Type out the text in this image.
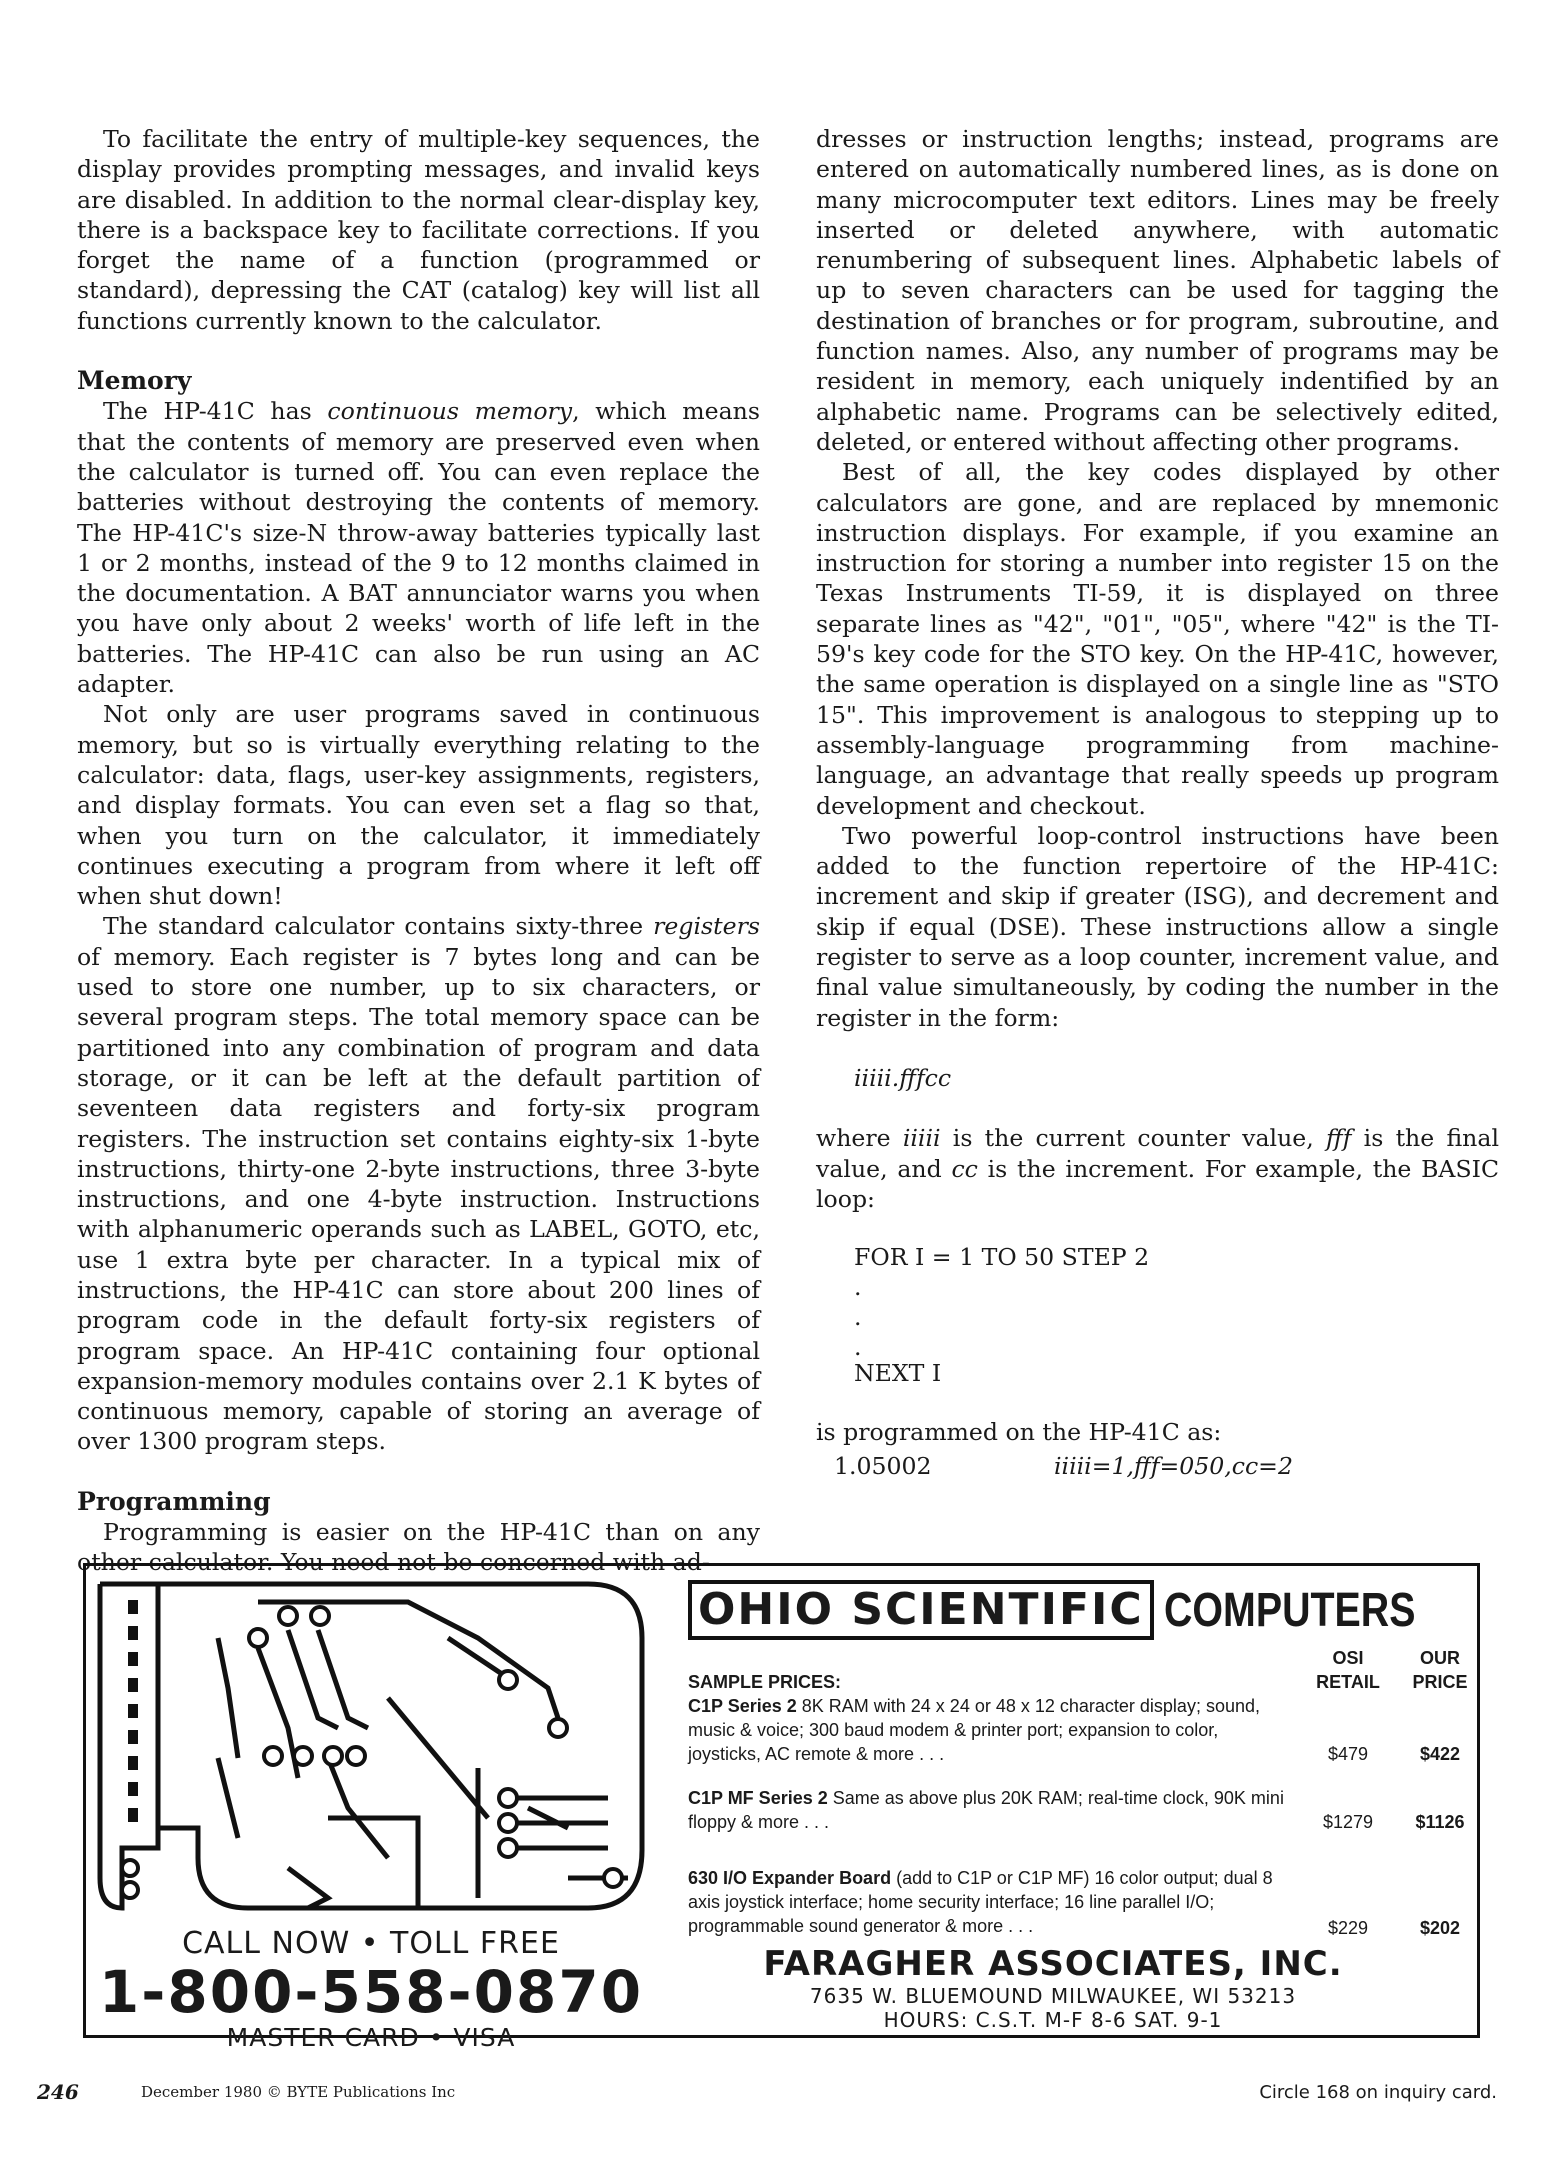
To facilitate the entry of multiple-key sequences, the display provides prompting messages, and invalid keys are disabled. In addition to the normal clear-display key, there is a backspace key to facilitate corrections. If you forget the name of a function (programmed or standard), depressing the CAT (catalog) key will list all functions currently known to the calculator.

Memory

The HP-41C has continuous memory, which means that the contents of memory are preserved even when the calculator is turned off. You can even replace the batteries without destroying the contents of memory. The HP-41C's size-N throw-away batteries typically last 1 or 2 months, instead of the 9 to 12 months claimed in the documentation. A BAT annunciator warns you when you have only about 2 weeks' worth of life left in the batteries. The HP-41C can also be run using an AC adapter.

Not only are user programs saved in continuous memory, but so is virtually everything relating to the calculator: data, flags, user-key assignments, registers, and display formats. You can even set a flag so that, when you turn on the calculator, it immediately continues executing a program from where it left off when shut down!

The standard calculator contains sixty-three registers of memory. Each register is 7 bytes long and can be used to store one number, up to six characters, or several program steps. The total memory space can be partitioned into any combination of program and data storage, or it can be left at the default partition of seventeen data registers and forty-six program registers. The instruction set contains eighty-six 1-byte instructions, thirty-one 2-byte instructions, three 3-byte instructions, and one 4-byte instruction. Instructions with alphanumeric operands such as LABEL, GOTO, etc, use 1 extra byte per character. In a typical mix of instructions, the HP-41C can store about 200 lines of program code in the default forty-six registers of program space. An HP-41C containing four optional expansion-memory modules contains over 2.1 K bytes of continuous memory, capable of storing an average of over 1300 program steps.

Programming

Programming is easier on the HP-41C than on any other calculator. You need not be concerned with ad-

dresses or instruction lengths; instead, programs are entered on automatically numbered lines, as is done on many microcomputer text editors. Lines may be freely inserted or deleted anywhere, with automatic renumbering of subsequent lines. Alphabetic labels of up to seven characters can be used for tagging the destination of branches or for program, subroutine, and function names. Also, any number of programs may be resident in memory, each uniquely indentified by an alphabetic name. Programs can be selectively edited, deleted, or entered without affecting other programs.

Best of all, the key codes displayed by other calculators are gone, and are replaced by mnemonic instruction displays. For example, if you examine an instruction for storing a number into register 15 on the Texas Instruments TI-59, it is displayed on three separate lines as "42", "01", "05", where "42" is the TI-59's key code for the STO key. On the HP-41C, however, the same operation is displayed on a single line as "STO 15". This improvement is analogous to stepping up to assembly-language programming from machine-language, an advantage that really speeds up program development and checkout.

Two powerful loop-control instructions have been added to the function repertoire of the HP-41C: increment and skip if greater (ISG), and decrement and skip if equal (DSE). These instructions allow a single register to serve as a loop counter, increment value, and final value simultaneously, by coding the number in the register in the form:

iiiii.fffcc

where iiiii is the current counter value, fff is the final value, and cc is the increment. For example, the BASIC loop:

FOR I = 1 TO 50 STEP 2

.
.
.

NEXT I

is programmed on the HP-41C as:

1.05002	iiiii=1,fff=050,cc=2
CALL NOW • TOLL FREE
1-800-558-0870
MASTER CARD • VISA
OHIO SCIENTIFIC COMPUTERS
SAMPLE PRICES:
OSI
RETAIL
OUR
PRICE
C1P Series 2 8K RAM with 24 x 24 or 48 x 12 character display; sound, music & voice; 300 baud modem & printer port; expansion to color, joysticks, AC remote & more . . .	$479	$422
C1P MF Series 2 Same as above plus 20K RAM; real-time clock, 90K mini floppy & more . . .	$1279	$1126
630 I/O Expander Board (add to C1P or C1P MF) 16 color output; dual 8 axis joystick interface; home security interface; 16 line parallel I/O; programmable sound generator & more . . .	$229	$202
FARAGHER ASSOCIATES, INC.
7635 W. BLUEMOUND MILWAUKEE, WI 53213
HOURS: C.S.T. M-F 8-6 SAT. 9-1
246	December 1980 © BYTE Publications Inc	Circle 168 on inquiry card.
